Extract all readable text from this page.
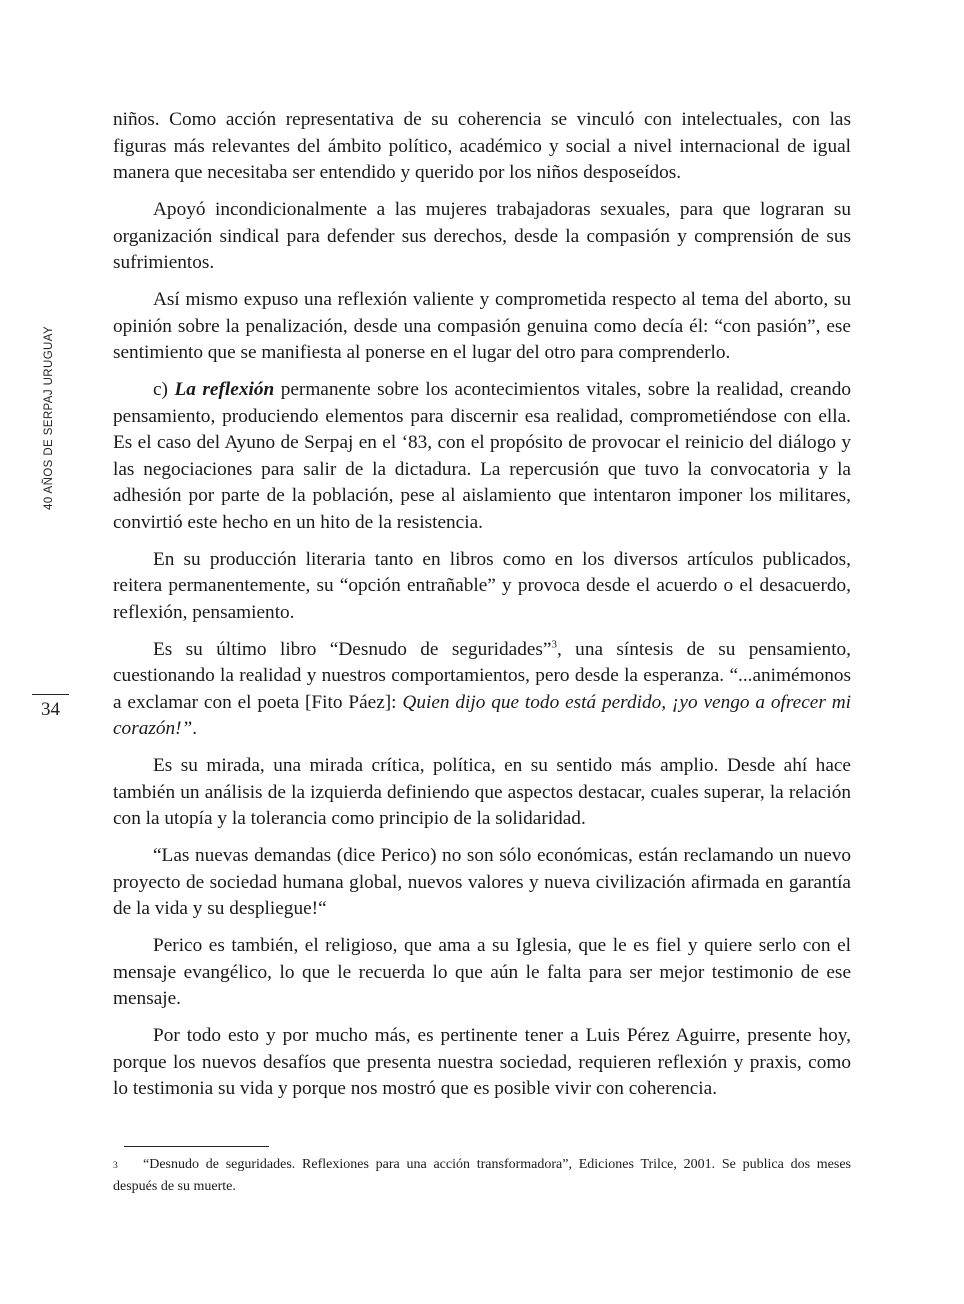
40 AÑOS DE SERPAJ URUGUAY
34

niños. Como acción representativa de su coherencia se vinculó con intelectuales, con las figuras más relevantes del ámbito político, académico y social a nivel internacional de igual manera que necesitaba ser entendido y querido por los niños desposeídos.

Apoyó incondicionalmente a las mujeres trabajadoras sexuales, para que lograran su organización sindical para defender sus derechos, desde la compasión y comprensión de sus sufrimientos.

Así mismo expuso una reflexión valiente y comprometida respecto al tema del aborto, su opinión sobre la penalización, desde una compasión genuina como decía él: “con pasión”, ese sentimiento que se manifiesta al ponerse en el lugar del otro para comprenderlo.

c) La reflexión permanente sobre los acontecimientos vitales, sobre la realidad, creando pensamiento, produciendo elementos para discernir esa realidad, comprometiéndose con ella. Es el caso del Ayuno de Serpaj en el ‘83, con el propósito de provocar el reinicio del diálogo y las negociaciones para salir de la dictadura. La repercusión que tuvo la convocatoria y la adhesión por parte de la población, pese al aislamiento que intentaron imponer los militares, convirtió este hecho en un hito de la resistencia.

En su producción literaria tanto en libros como en los diversos artículos publicados, reitera permanentemente, su “opción entrañable” y provoca desde el acuerdo o el desacuerdo, reflexión, pensamiento.

Es su último libro “Desnudo de seguridades”$^3$, una síntesis de su pensamiento, cuestionando la realidad y nuestros comportamientos, pero desde la esperanza. “...animémonos a exclamar con el poeta [Fito Páez]: Quien dijo que todo está perdido, ¡yo vengo a ofrecer mi corazón!”.

Es su mirada, una mirada crítica, política, en su sentido más amplio. Desde ahí hace también un análisis de la izquierda definiendo que aspectos destacar, cuales superar, la relación con la utopía y la tolerancia como principio de la solidaridad.

“Las nuevas demandas (dice Perico) no son sólo económicas, están reclamando un nuevo proyecto de sociedad humana global, nuevos valores y nueva civilización afirmada en garantía de la vida y su despliegue!“

Perico es también, el religioso, que ama a su Iglesia, que le es fiel y quiere serlo con el mensaje evangélico, lo que le recuerda lo que aún le falta para ser mejor testimonio de ese mensaje.

Por todo esto y por mucho más, es pertinente tener a Luis Pérez Aguirre, presente hoy, porque los nuevos desafíos que presenta nuestra sociedad, requieren reflexión y praxis, como lo testimonia su vida y porque nos mostró que es posible vivir con coherencia.

3 “Desnudo de seguridades. Reflexiones para una acción transformadora”, Ediciones Trilce, 2001. Se publica dos meses después de su muerte.
